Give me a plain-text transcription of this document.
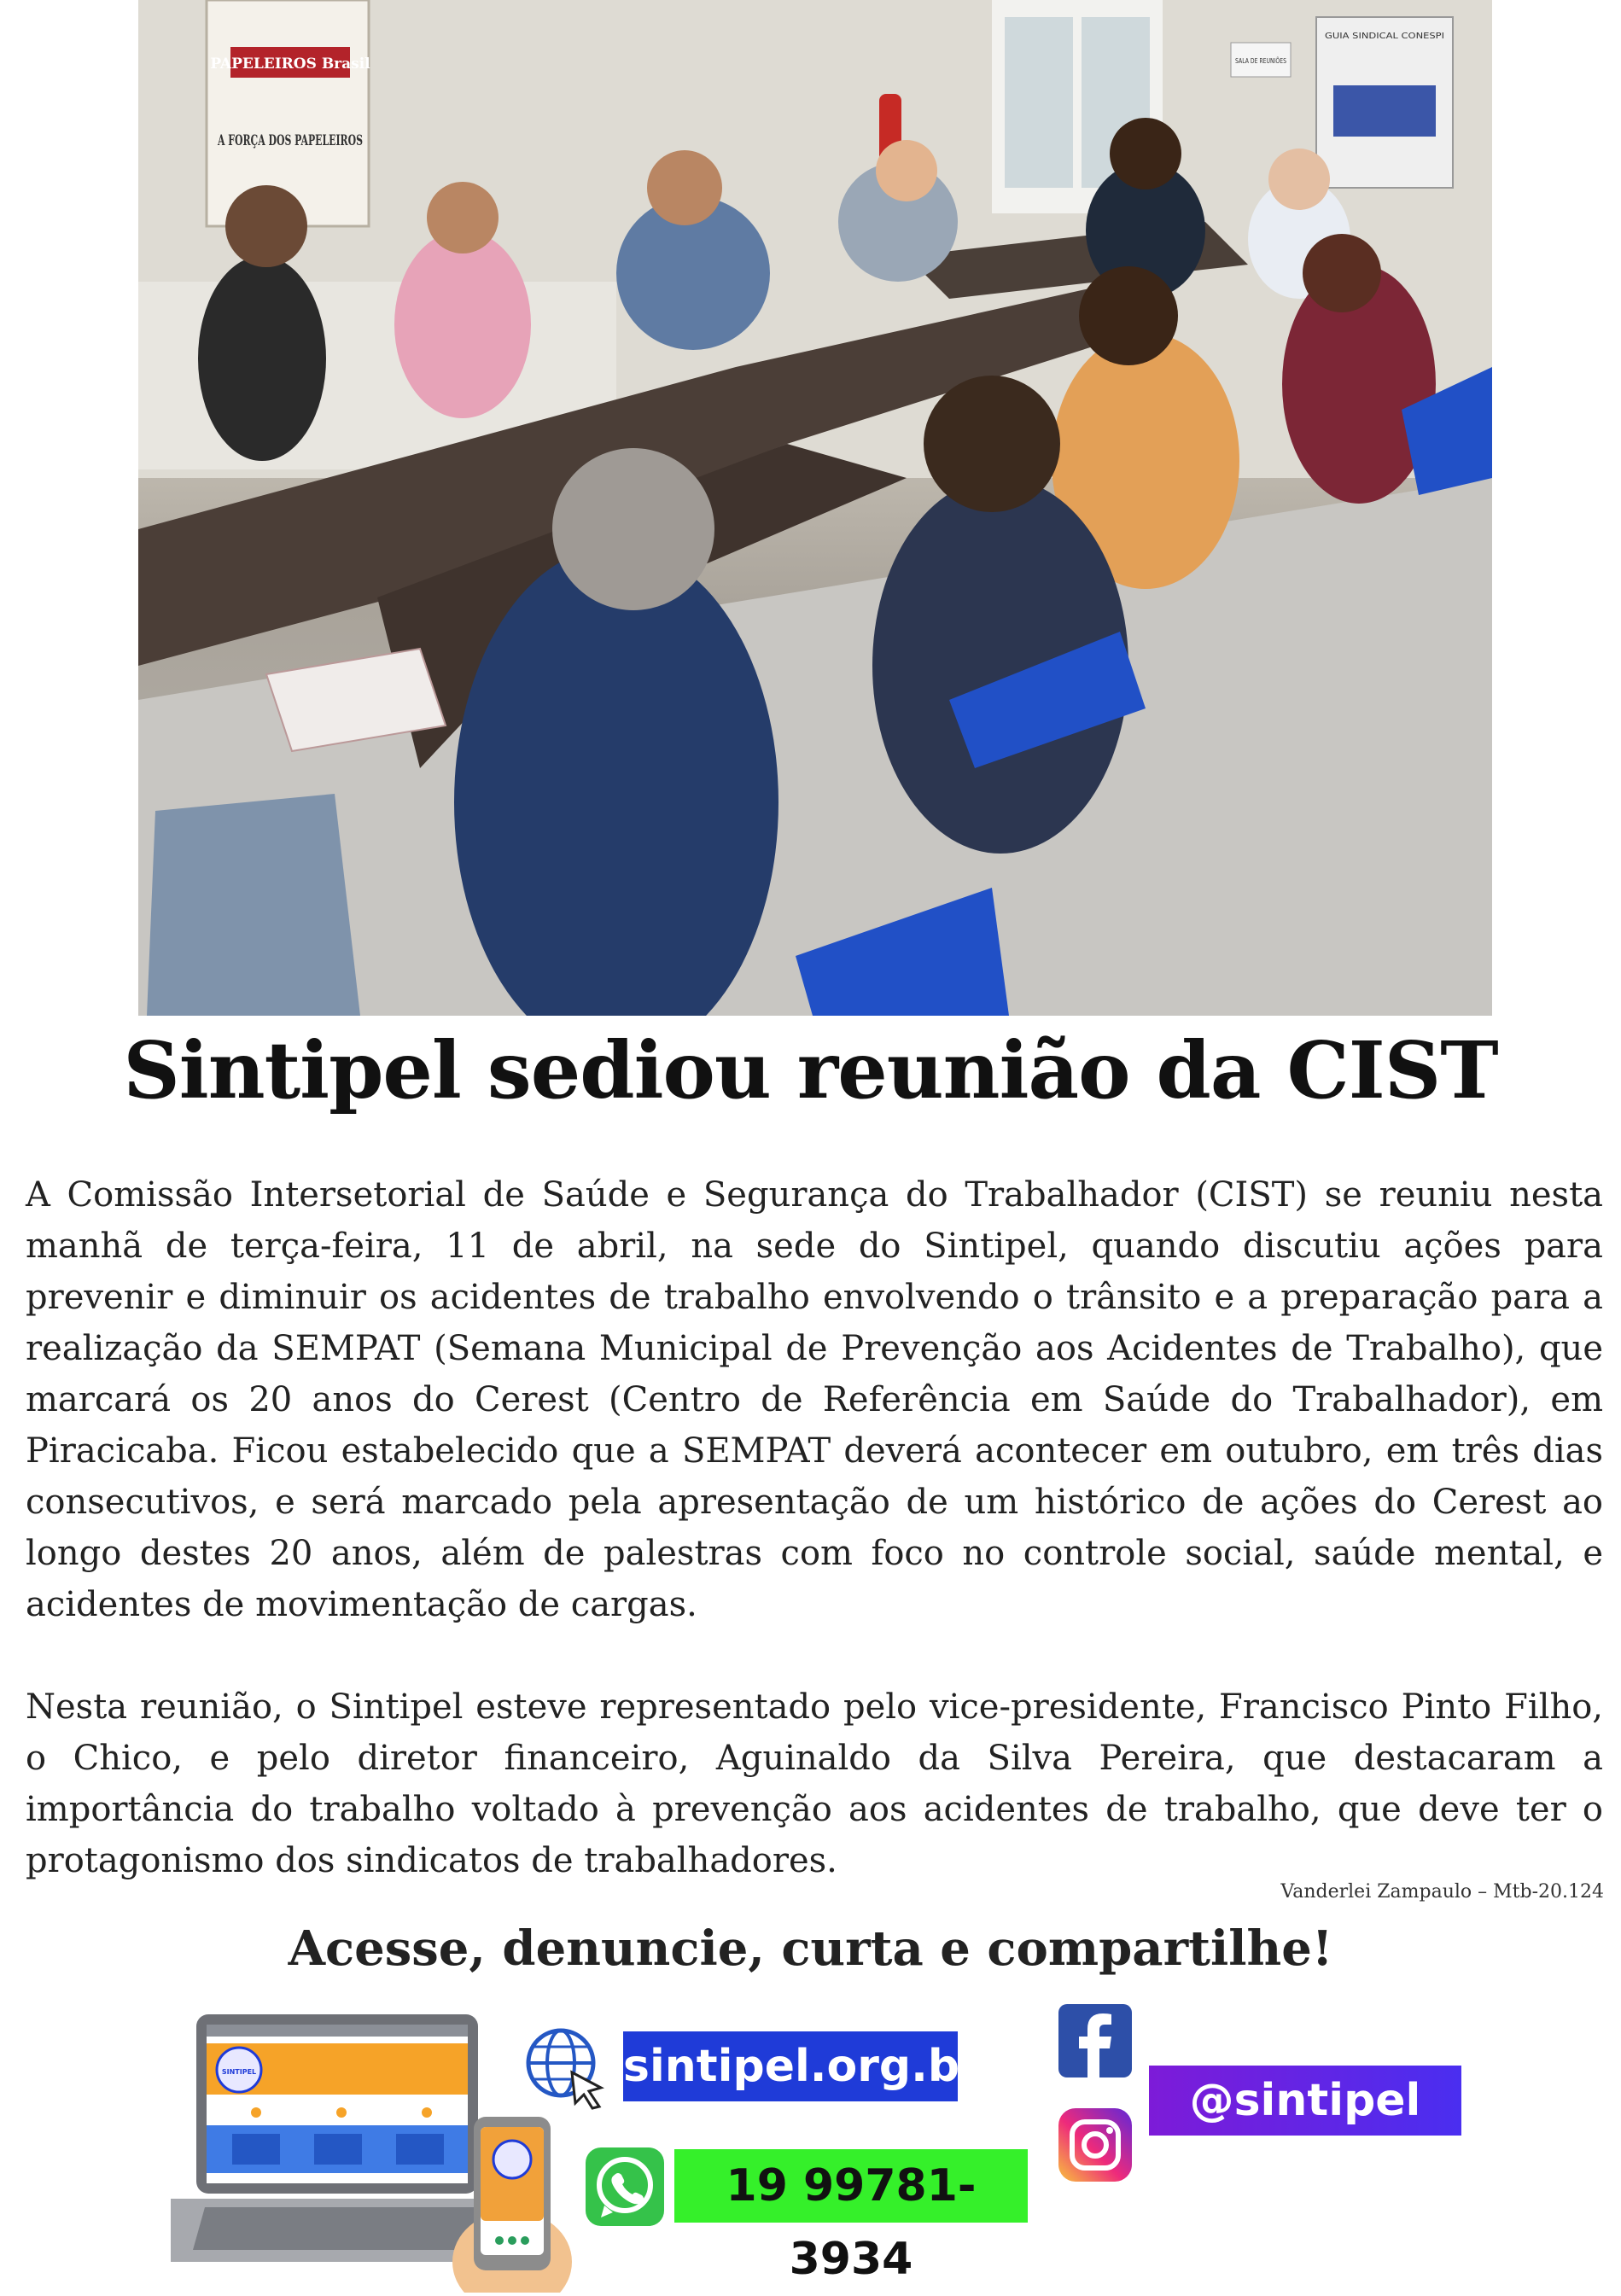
PAPELEIROS Brasil
A FORÇA DOS PAPELEIROS
GUIA SINDICAL CONESPI
SALA DE REUNIÕES
Sintipel sediou reunião da CIST

A Comissão Intersetorial de Saúde e Segurança do Trabalhador (CIST) se reuniu nesta manhã de terça-feira, 11 de abril, na sede do Sintipel, quando discutiu ações para prevenir e diminuir os acidentes de trabalho envolvendo o trânsito e a preparação para a realização da SEMPAT (Semana Municipal de Prevenção aos Acidentes de Trabalho), que marcará os 20 anos do Cerest (Centro de Referência em Saúde do Trabalhador), em Piracicaba. Ficou estabelecido que a SEMPAT deverá acontecer em outubro, em três dias consecutivos, e será marcado pela apresentação de um histórico de ações do Cerest ao longo destes 20 anos, além de palestras com foco no controle social, saúde mental, e acidentes de movimentação de cargas.

Nesta reunião, o Sintipel esteve representado pelo vice-presidente, Francisco Pinto Filho, o Chico, e pelo diretor financeiro, Aguinaldo da Silva Pereira, que destacaram a importância do trabalho voltado à prevenção aos acidentes de trabalho, que deve ter o protagonismo dos sindicatos de trabalhadores.

Vanderlei Zampaulo – Mtb-20.124
Acesse, denuncie, curta e compartilhe!
SINTIPEL	sintipel.org.br
19 99781-3934
@sintipel
